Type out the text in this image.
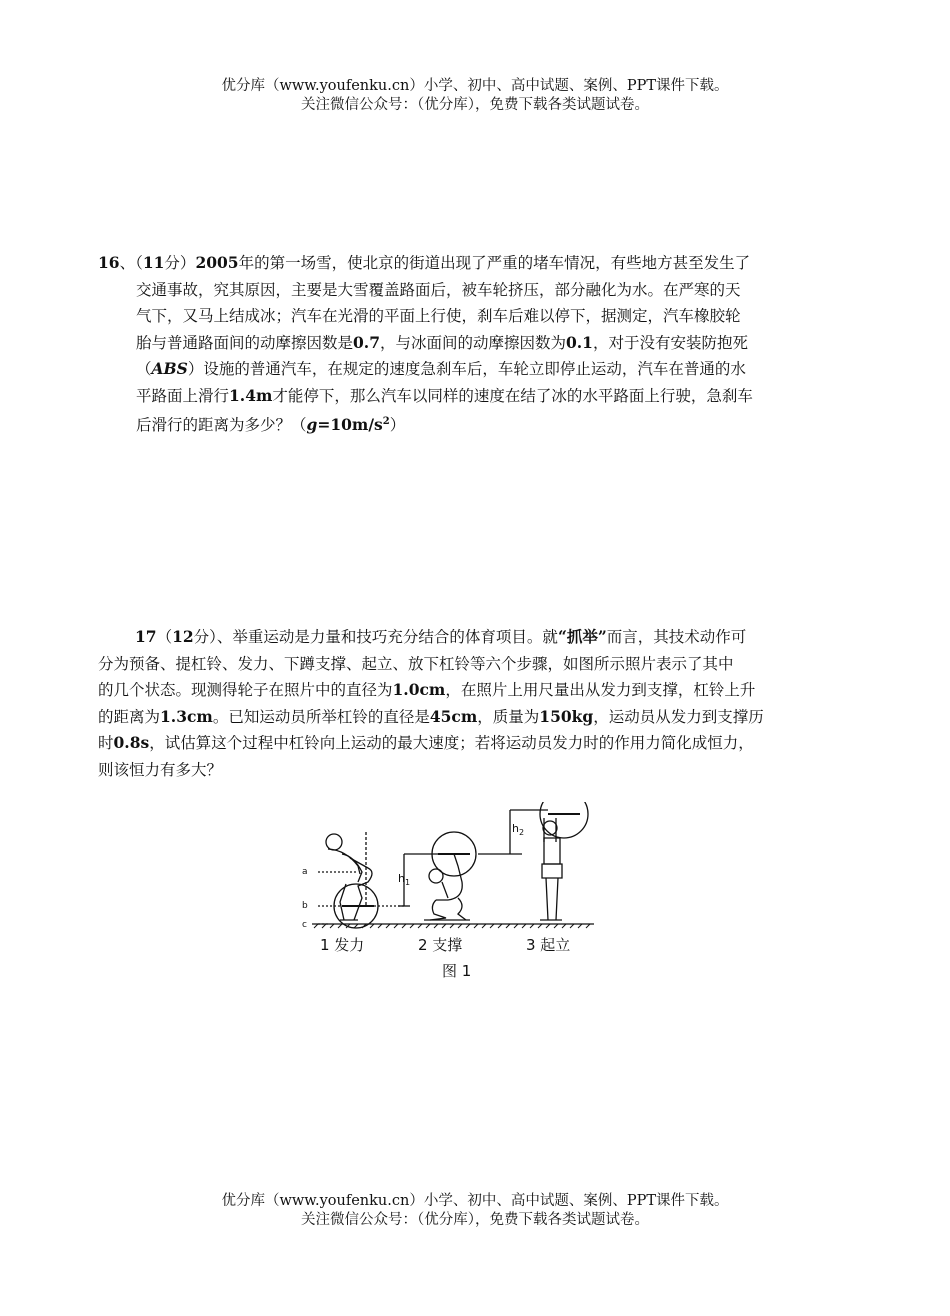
优分库（www.youfenku.cn）小学、初中、高中试题、案例、PPT课件下载。
关注微信公众号：（优分库），免费下载各类试题试卷。
16、（11分）2005年的第一场雪，使北京的街道出现了严重的堵车情况，有些地方甚至发生了
交通事故，究其原因，主要是大雪覆盖路面后，被车轮挤压，部分融化为水。在严寒的天
气下，又马上结成冰；汽车在光滑的平面上行使，刹车后难以停下，据测定，汽车橡胶轮
胎与普通路面间的动摩擦因数是0.7，与冰面间的动摩擦因数为0.1，对于没有安装防抱死
（ABS）设施的普通汽车，在规定的速度急刹车后，车轮立即停止运动，汽车在普通的水
平路面上滑行1.4m才能停下，那么汽车以同样的速度在结了冰的水平路面上行驶，急刹车
后滑行的距离为多少？$(g=10m/s^2)$
17（12分）、举重运动是力量和技巧充分结合的体育项目。就“抓举”而言，其技术动作可
分为预备、提杠铃、发力、下蹲支撑、起立、放下杠铃等六个步骤，如图所示照片表示了其中
的几个状态。现测得轮子在照片中的直径为1.0cm，在照片上用尺量出从发力到支撑，杠铃上升
的距离为1.3cm。已知运动员所举杠铃的直径是45cm，质量为150kg，运动员从发力到支撑历
时0.8s，试估算这个过程中杠铃向上运动的最大速度；若将运动员发力时的作用力简化成恒力，
则该恒力有多大？
a
b
c
$h_1$
$h_2$
1 发力	2 支撑	3 起立
图 1
优分库（www.youfenku.cn）小学、初中、高中试题、案例、PPT课件下载。
关注微信公众号：（优分库），免费下载各类试题试卷。
